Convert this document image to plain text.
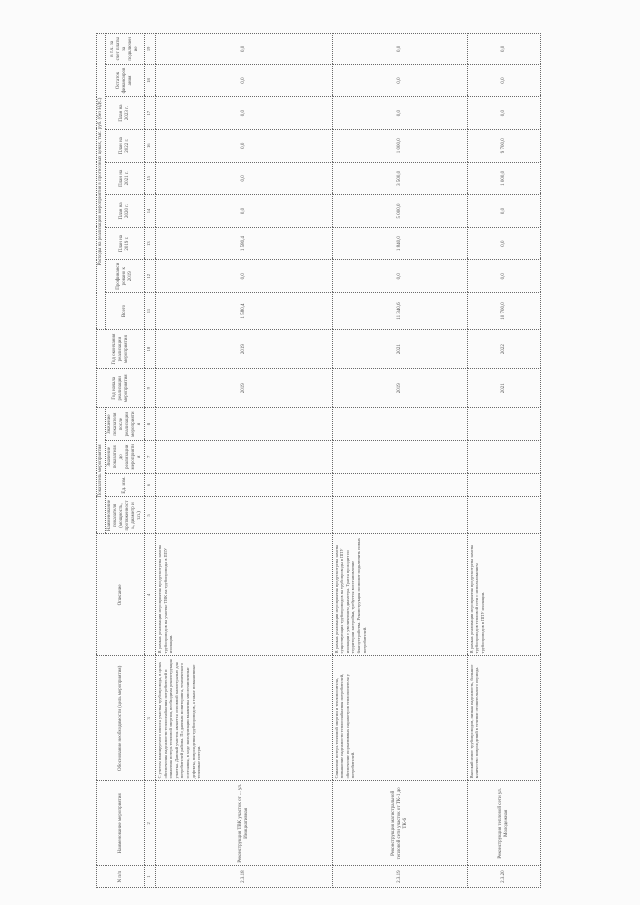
N п/п	Наименование мероприятия	Обоснование необходимости (цель мероприятия)	Описание	Показатель мероприятия				Год начала реализации мероприятия	Год окончания реализации мероприятия	Расходы на реализацию мероприятия в прогнозных ценах, тыс. руб. (без НДС)								
				Наименование показателя (мощность, протяженность, диаметр и т.п.)	Ед. изм.	Значение показателя до реализации мероприятия	Значение показателя после реализации мероприятия			Всего	Профинансировано к 2019	План на 2019 г.	План на 2020 г.	План на 2021 г.	План на 2022 г.	План на 2023 г.	Остаток финансирования	в т.ч. за счет платы за подключение
1	2	3	4	5	6	7	8	9	10	11	12	13	14	15	16	17	18	19
2.3.18	Реконструкция ТВК участок от ... ул. Инициативная	С учетом планируемого износа участка трубопровода, в целях обеспечения надежности теплоснабжения потребителей и снижения потерь тепловой энергии, необходима реконструкция участка. Данный участок является основной магистралью для потребителей района. По данным мониторинга, технического состояния, в ходе эксплуатации выявлены многочисленные дефекты, повреждения трубопроводов, а также повышенные тепловые потери.	В рамках реализации мероприятия предусмотрена замена трубопроводов на участке ТВК на трубопроводы в ППУ изоляции.					2019	2019	1 580,4	0,0	1 580,4	0,0	0,0	0,0	0,0	0,0	0,0
2.3.19	Реконструкция магистральной тепловой сети участок от ТК-1 до ТК-6	Снижение потерь тепловой энергии и теплоносителя, повышение надежности теплоснабжения потребителей, обеспечение нормативных параметров теплоносителя у потребителей.	В рамках реализации мероприятия предусмотрена замена существующих трубопроводов на трубопроводы в ППУ изоляции с увеличением диаметра. Трасса проходит по территории застройки, требуется восстановление благоустройства. Реконструкция позволит подключить новых потребителей.					2019	2021	11 340,6	0,0	1 840,0	5 000,0	3 500,0	1 000,0	0,0	0,0	0,0
2.3.20	Реконструкция тепловой сети ул. Молодежная	Высокий износ трубопроводов, низкая надежность, большое количество повреждений в течение отопительного периода.	В рамках реализации мероприятия предусмотрена замена трубопроводов тепловой сети с использованием трубопроводов в ППУ изоляции.					2021	2022	10 700,0	0,0	0,0	0,0	1 000,0	9 700,0	0,0	0,0	0,0
